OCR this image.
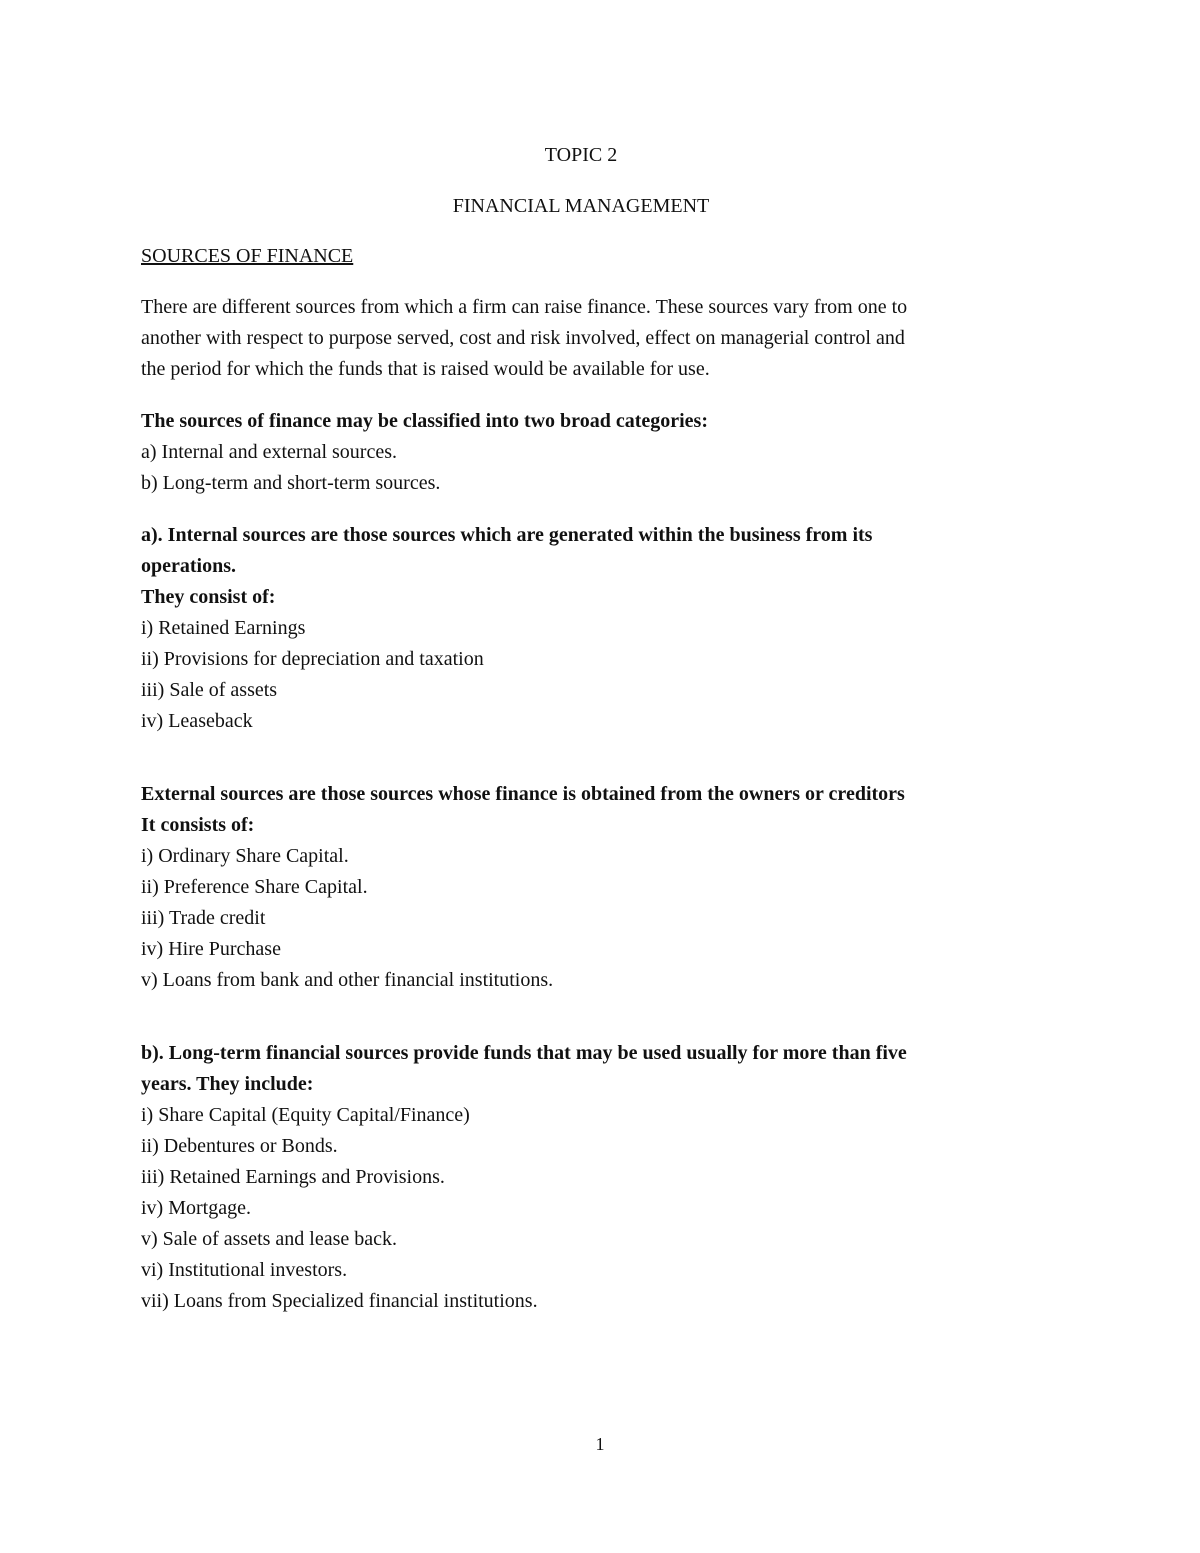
TOPIC 2
FINANCIAL MANAGEMENT
SOURCES OF FINANCE
There are different sources from which a firm can raise finance. These sources vary from one to
another with respect to purpose served, cost and risk involved, effect on managerial control and
the period for which the funds that is raised would be available for use.
The sources of finance may be classified into two broad categories:
a) Internal and external sources.
b) Long-term and short-term sources.
a). Internal sources are those sources which are generated within the business from its
operations.
They consist of:
i) Retained Earnings
ii) Provisions for depreciation and taxation
iii) Sale of assets
iv) Leaseback
External sources are those sources whose finance is obtained from the owners or creditors
It consists of:
i) Ordinary Share Capital.
ii) Preference Share Capital.
iii) Trade credit
iv) Hire Purchase
v) Loans from bank and other financial institutions.
b). Long-term financial sources provide funds that may be used usually for more than five
years. They include:
i) Share Capital (Equity Capital/Finance)
ii) Debentures or Bonds.
iii) Retained Earnings and Provisions.
iv) Mortgage.
v) Sale of assets and lease back.
vi) Institutional investors.
vii) Loans from Specialized financial institutions.
1
